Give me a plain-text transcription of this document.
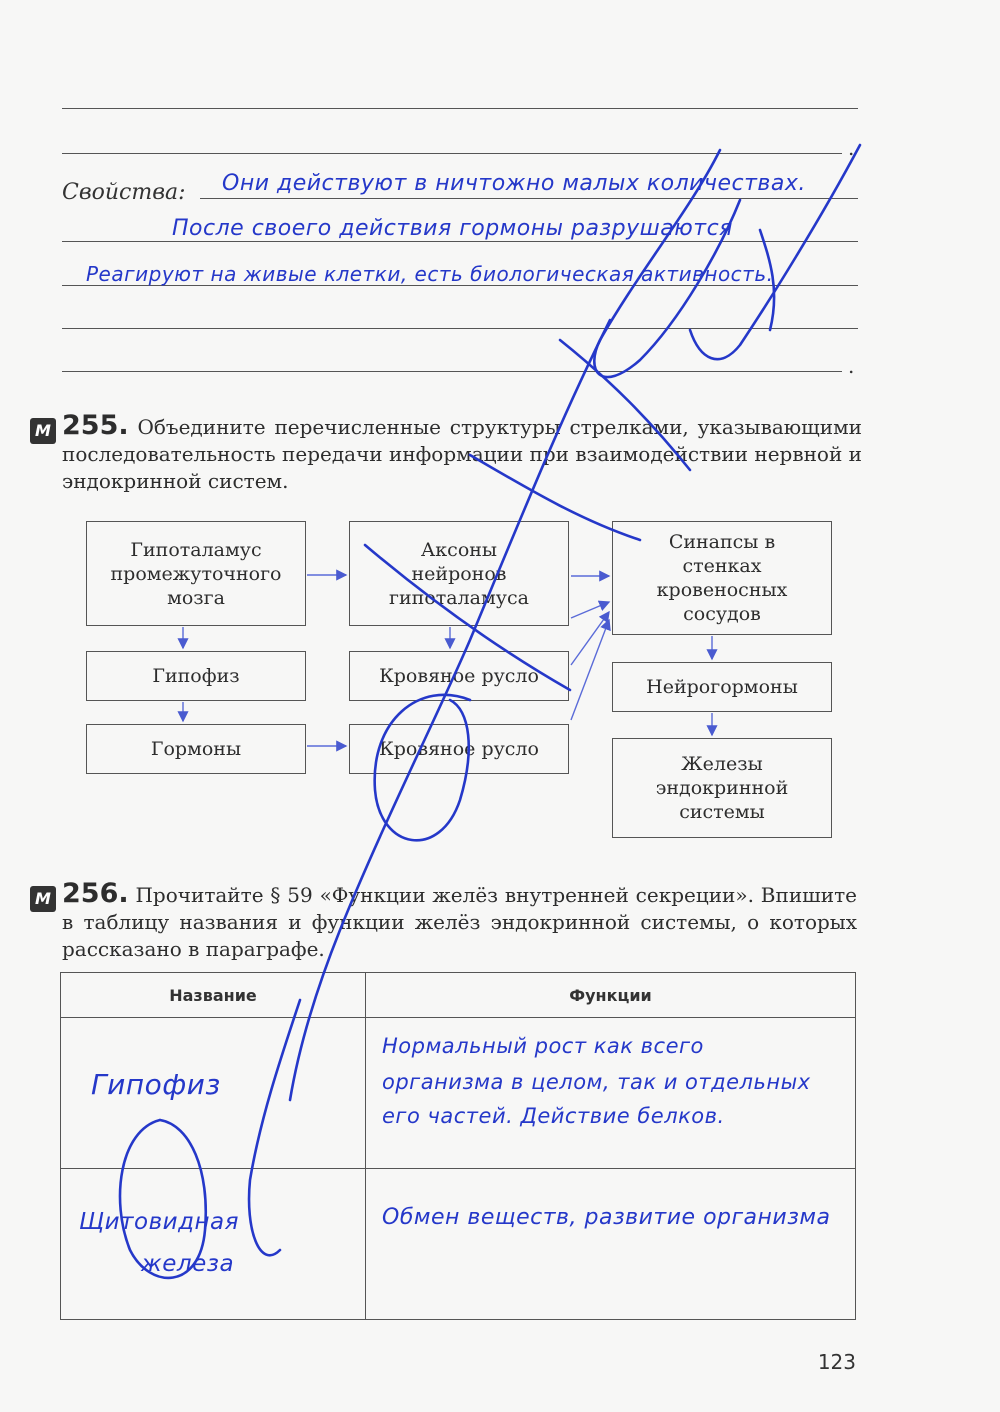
.
Свойства:
.
Они действуют в ничтожно малых количествах.
После своего действия гормоны разрушаются
Реагируют на живые клетки, есть биологическая активность.
М 255. Объедините перечисленные структуры стрелками, указывающими последовательность передачи информации при взаимодействии нервной и эндокринной систем.
Гипоталамус промежуточного мозга
Аксоны нейронов гипоталамуса
Синапсы в стенках кровеносных сосудов
Гипофиз	Кровяное русло	Нейрогормоны
Гормоны	Кровяное русло
Железы эндокринной системы
М 256. Прочитайте § 59 «Функции желёз внутренней секреции». Впишите в таблицу названия и функции желёз эндокринной системы, о которых рассказано в параграфе.
Название	Функции

Гипофиз	Нормальный рост как всего
организма в целом, так и отдельных
его частей. Действие белков.

Щитовидная
железа	Обмен веществ, развитие организма
123
